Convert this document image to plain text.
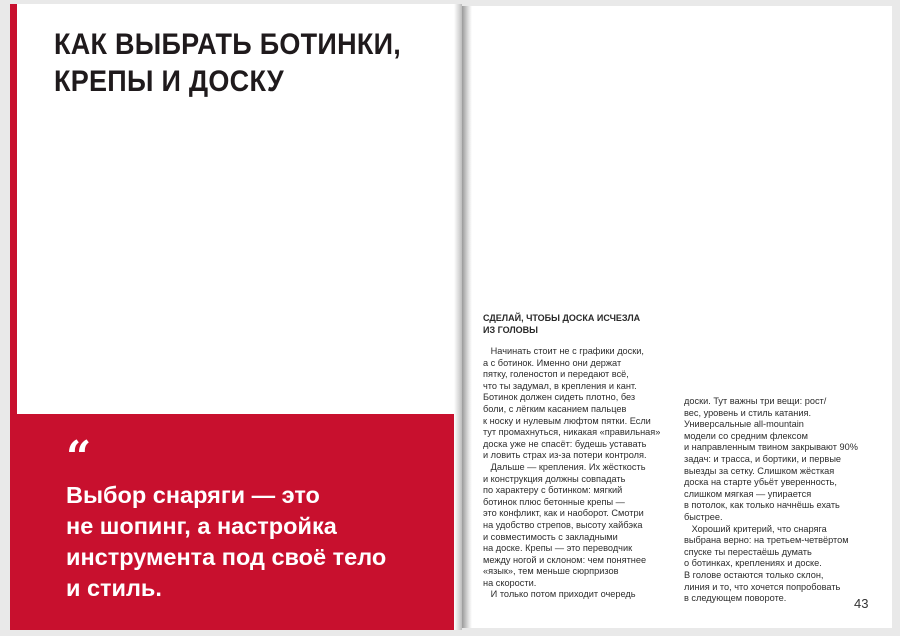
КАК ВЫБРАТЬ БОТИНКИ,
КРЕПЫ И ДОСКУ
“
Выбор снаряги — это
не шопинг, а настройка
инструмента под своё тело
и стиль.
СДЕЛАЙ, ЧТОБЫ ДОСКА ИСЧЕЗЛА
ИЗ ГОЛОВЫ
Начинать стоит не с графики доски,
а с ботинок. Именно они держат
пятку, голеностоп и передают всё,
что ты задумал, в крепления и кант.
Ботинок должен сидеть плотно, без
боли, с лёгким касанием пальцев
к носку и нулевым люфтом пятки. Если
тут промахнуться, никакая «правильная»
доска уже не спасёт: будешь уставать
и ловить страх из-за потери контроля.
Дальше — крепления. Их жёсткость
и конструкция должны совпадать
по характеру с ботинком: мягкий
ботинок плюс бетонные крепы —
это конфликт, как и наоборот. Смотри
на удобство стрепов, высоту хайбэка
и совместимость с закладными
на доске. Крепы — это переводчик
между ногой и склоном: чем понятнее
«язык», тем меньше сюрпризов
на скорости.
И только потом приходит очередь
доски. Тут важны три вещи: рост/
вес, уровень и стиль катания.
Универсальные all-mountain
модели со средним флексом
и направленным твином закрывают 90%
задач: и трасса, и бортики, и первые
выезды за сетку. Слишком жёсткая
доска на старте убьёт уверенность,
слишком мягкая — упирается
в потолок, как только начнёшь ехать
быстрее.
Хороший критерий, что снаряга
выбрана верно: на третьем-четвёртом
спуске ты перестаёшь думать
о ботинках, креплениях и доске.
В голове остаются только склон,
линия и то, что хочется попробовать
в следующем повороте.	43
